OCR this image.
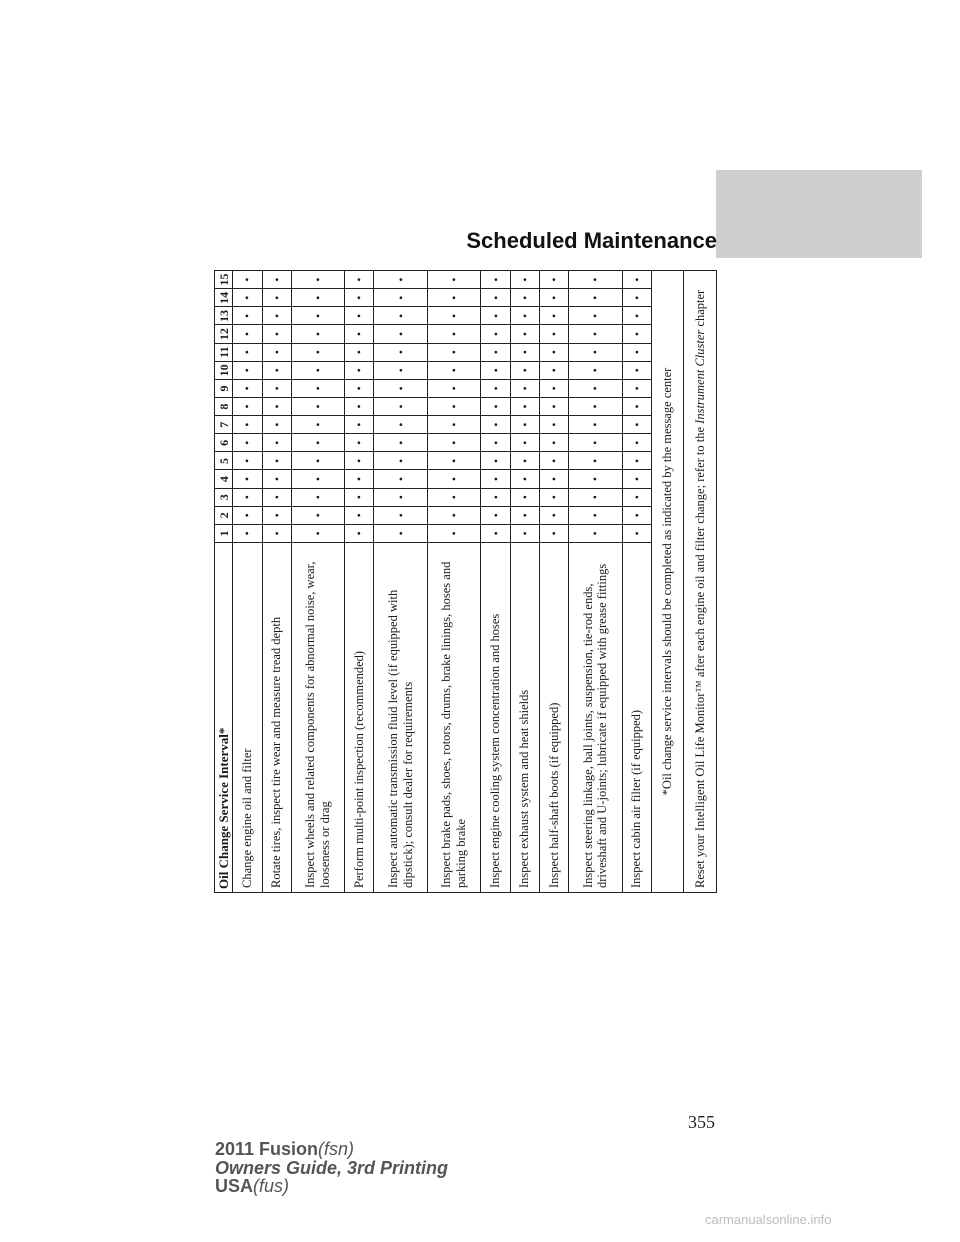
Scheduled Maintenance
Oil Change Service Interval*	1	2	3	4	5	6	7	8	9	10	11	12	13	14	15
Change engine oil and filter	•	•	•	•	•	•	•	•	•	•	•	•	•	•	•
Rotate tires, inspect tire wear and measure tread depth	•	•	•	•	•	•	•	•	•	•	•	•	•	•	•
Inspect wheels and related components for abnormal noise, wear, looseness or drag	•	•	•	•	•	•	•	•	•	•	•	•	•	•	•
Perform multi-point inspection (recommended)	•	•	•	•	•	•	•	•	•	•	•	•	•	•	•
Inspect automatic transmission fluid level (if equipped with dipstick); consult dealer for requirements	•	•	•	•	•	•	•	•	•	•	•	•	•	•	•
Inspect brake pads, shoes, rotors, drums, brake linings, hoses and parking brake	•	•	•	•	•	•	•	•	•	•	•	•	•	•	•
Inspect engine cooling system concentration and hoses	•	•	•	•	•	•	•	•	•	•	•	•	•	•	•
Inspect exhaust system and heat shields	•	•	•	•	•	•	•	•	•	•	•	•	•	•	•
Inspect half-shaft boots (if equipped)	•	•	•	•	•	•	•	•	•	•	•	•	•	•	•
Inspect steering linkage, ball joints, suspension, tie-rod ends, driveshaft and U-joints; lubricate if equipped with grease fittings	•	•	•	•	•	•	•	•	•	•	•	•	•	•	•
Inspect cabin air filter (if equipped)	•	•	•	•	•	•	•	•	•	•	•	•	•	•	•
*Oil change service intervals should be completed as indicated by the message center															
Reset your Intelligent Oil Life Monitor™ after each engine oil and filter change; refer to the Instrument Cluster chapter															
355
2011 Fusion(fsn)
Owners Guide, 3rd Printing
USA(fus)
carmanualsonline.info
